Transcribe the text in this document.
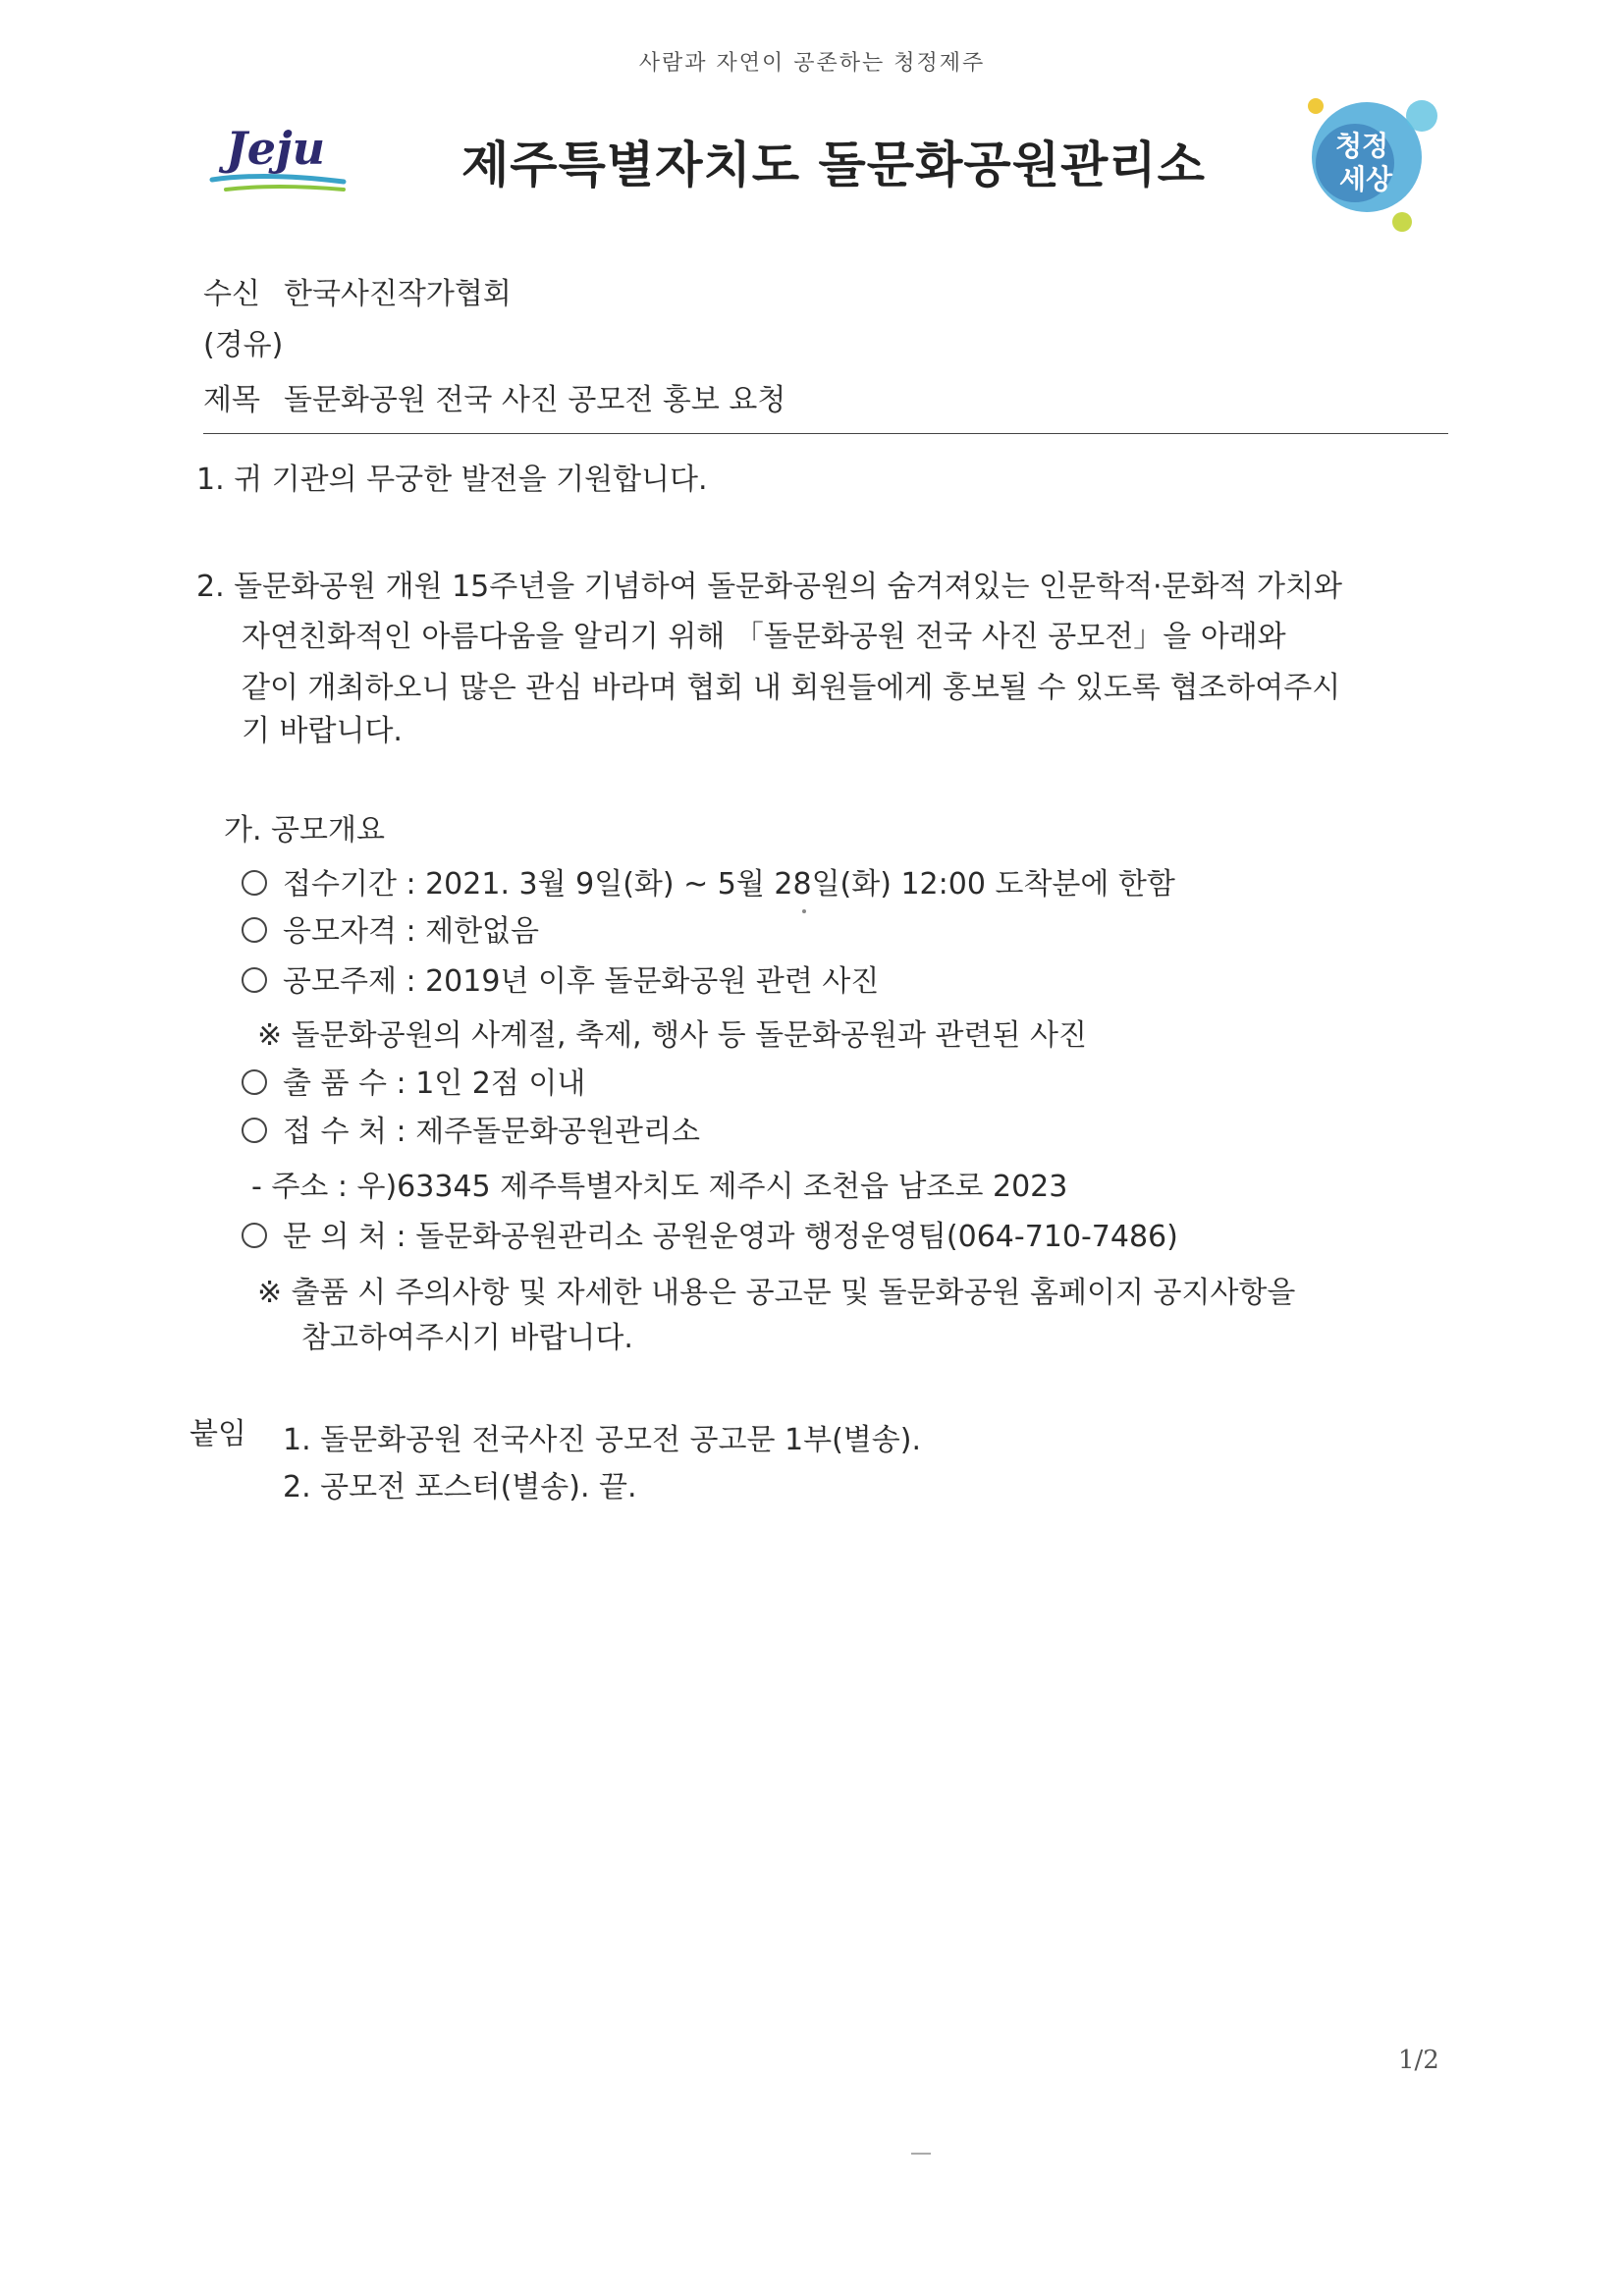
사람과 자연이 공존하는 청정제주
Jeju	제주특별자치도 돌문화공원관리소	청정
세상
수신 한국사진작가협회
(경유)
제목 돌문화공원 전국 사진 공모전 홍보 요청
1. 귀 기관의 무궁한 발전을 기원합니다.
2. 돌문화공원 개원 15주년을 기념하여 돌문화공원의 숨겨져있는 인문학적·문화적 가치와
자연친화적인 아름다움을 알리기 위해 「돌문화공원 전국 사진 공모전」을 아래와
같이 개최하오니 많은 관심 바라며 협회 내 회원들에게 홍보될 수 있도록 협조하여주시
기 바랍니다.
가. 공모개요
접수기간 : 2021. 3월 9일(화) ~ 5월 28일(화) 12:00 도착분에 한함
응모자격 : 제한없음
공모주제 : 2019년 이후 돌문화공원 관련 사진
※ 돌문화공원의 사계절, 축제, 행사 등 돌문화공원과 관련된 사진
출 품 수 : 1인 2점 이내
접 수 처 : 제주돌문화공원관리소
- 주소 : 우)63345 제주특별자치도 제주시 조천읍 남조로 2023
문 의 처 : 돌문화공원관리소 공원운영과 행정운영팀(064-710-7486)
※ 출품 시 주의사항 및 자세한 내용은 공고문 및 돌문화공원 홈페이지 공지사항을
참고하여주시기 바랍니다.
붙임 1. 돌문화공원 전국사진 공모전 공고문 1부(별송).
2. 공모전 포스터(별송). 끝.
1/2
